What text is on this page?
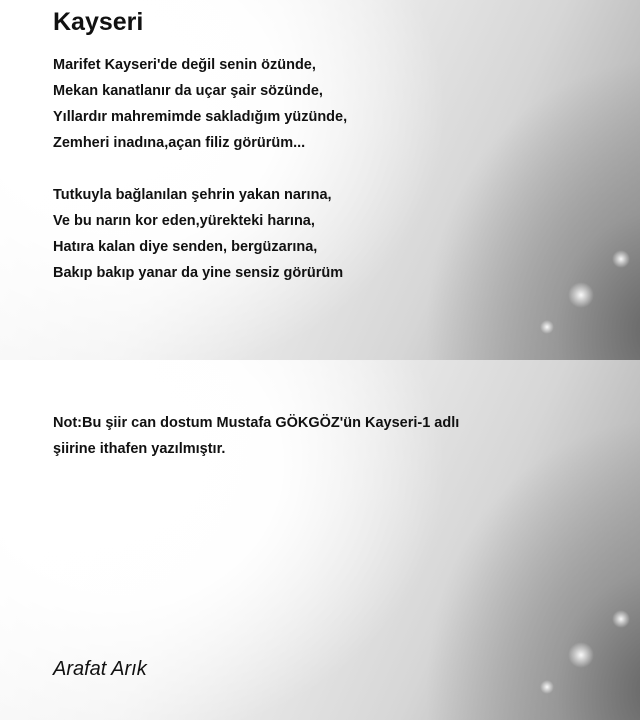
Kayseri
Marifet Kayseri'de değil senin özünde,
Mekan kanatlanır da uçar şair sözünde,
Yıllardır mahremimde sakladığım yüzünde,
Zemheri inadına,açan filiz görürüm...
Tutkuyla bağlanılan şehrin yakan narına,
Ve bu narın kor eden,yürekteki harına,
Hatıra kalan diye senden, bergüzarına,
Bakıp bakıp yanar da yine sensiz görürüm
Not:Bu şiir can dostum Mustafa GÖKGÖZ'ün Kayseri-1 adlı
şiirine ithafen yazılmıştır.
Arafat Arık
